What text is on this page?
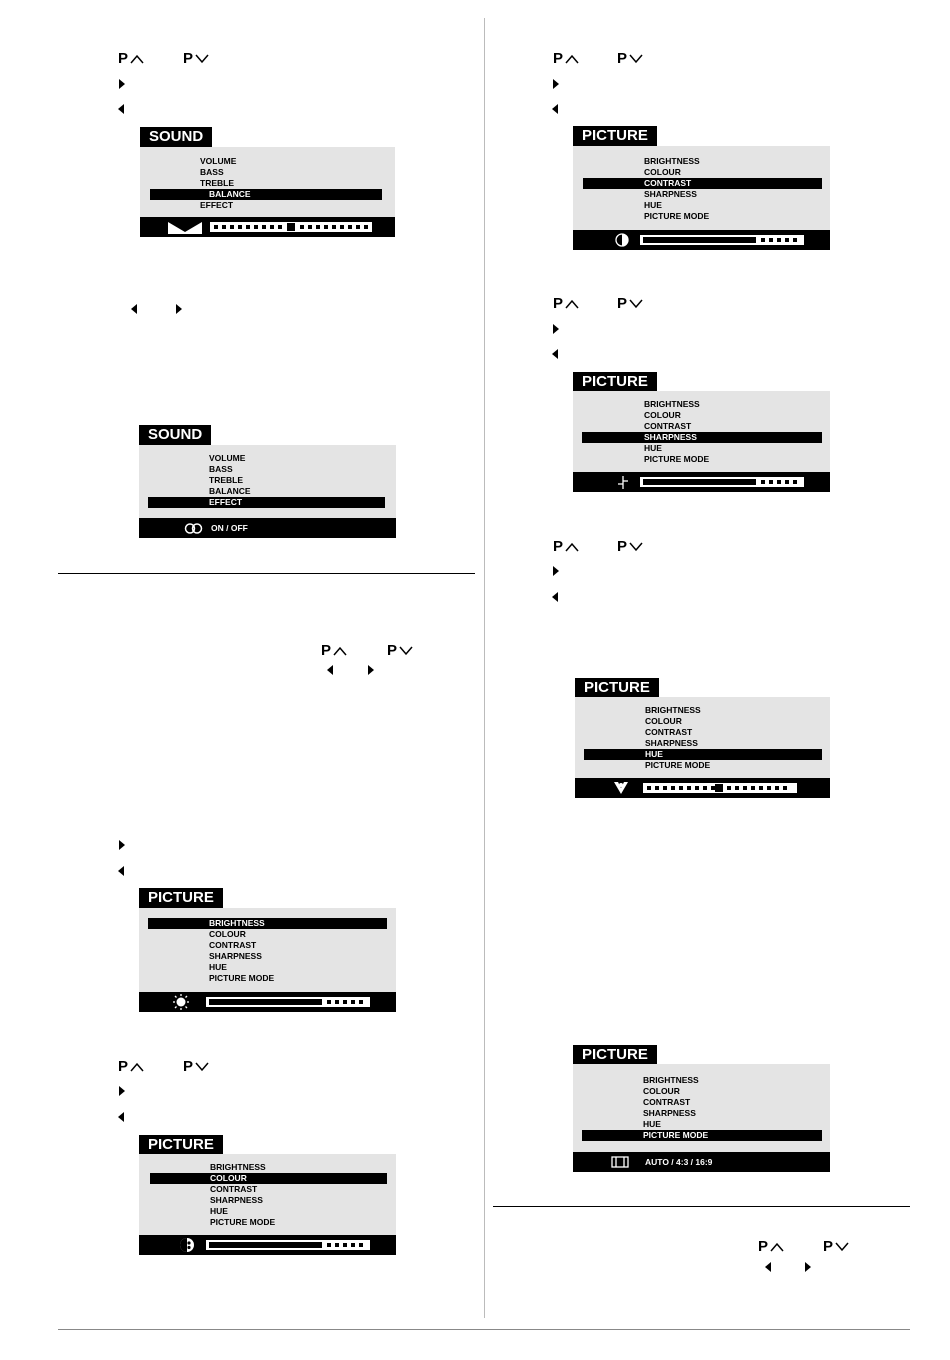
P	P
SOUND
VOLUME
BASS
TREBLE
BALANCE
EFFECT
SOUND
VOLUME
BASS
TREBLE
BALANCE
EFFECT
ON / OFF
P	P
PICTURE
BRIGHTNESS
COLOUR
CONTRAST
SHARPNESS
HUE
PICTURE MODE
P	P
PICTURE
BRIGHTNESS
COLOUR
CONTRAST
SHARPNESS
HUE
PICTURE MODE
P	P
PICTURE
BRIGHTNESS
COLOUR
CONTRAST
SHARPNESS
HUE
PICTURE MODE
P	P
PICTURE
BRIGHTNESS
COLOUR
CONTRAST
SHARPNESS
HUE
PICTURE MODE
P	P
PICTURE
BRIGHTNESS
COLOUR
CONTRAST
SHARPNESS
HUE
PICTURE MODE
PICTURE
BRIGHTNESS
COLOUR
CONTRAST
SHARPNESS
HUE
PICTURE MODE
AUTO / 4:3 / 16:9
P	P
